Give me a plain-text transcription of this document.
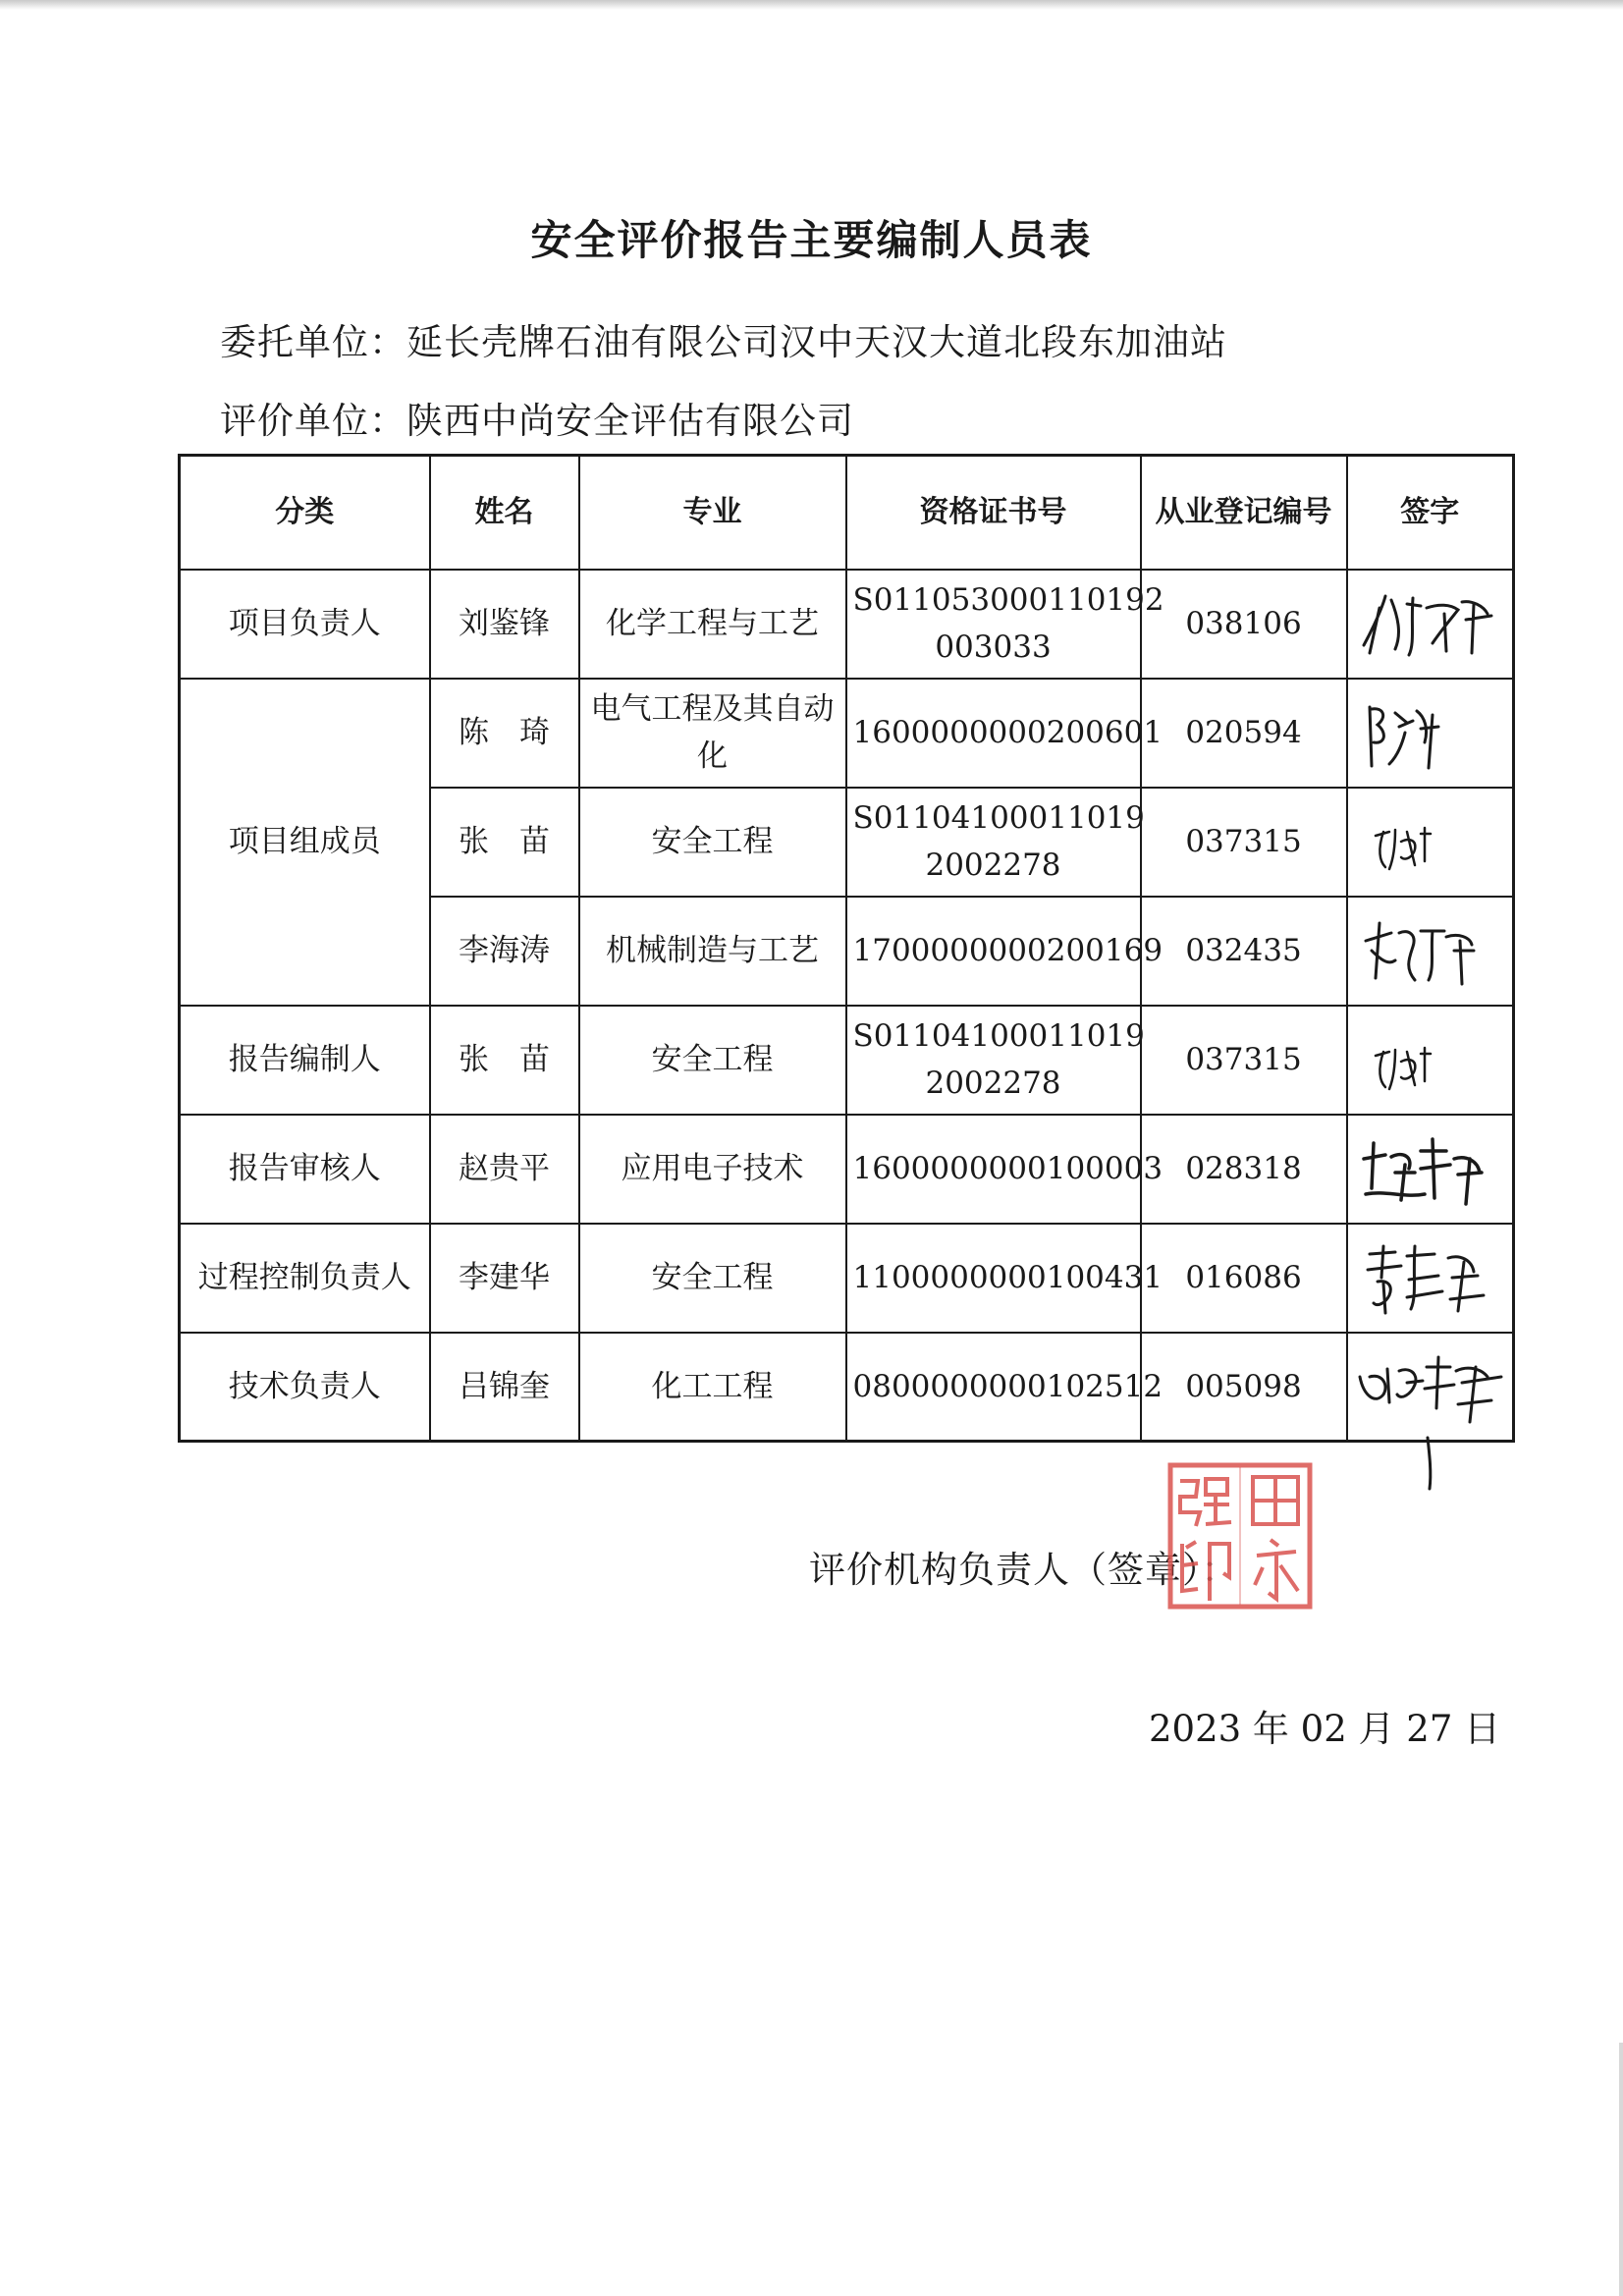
安全评价报告主要编制人员表
委托单位：延长壳牌石油有限公司汉中天汉大道北段东加油站
评价单位：陕西中尚安全评估有限公司
分类	姓名	专业	资格证书号	从业登记编号	签字
项目负责人	刘鉴锋	化学工程与工艺	S011053000110192 003033	038106	

项目组成员	陈　琦	电气工程及其自动化	1600000000200601	020594	

	张　苗	安全工程	S01104100011019 2002278	037315	

	李海涛	机械制造与工艺	1700000000200169	032435	

报告编制人	张　苗	安全工程	S01104100011019 2002278	037315	

报告审核人	赵贵平	应用电子技术	1600000000100003	028318	

过程控制负责人	李建华	安全工程	1100000000100431	016086	

技术负责人	吕锦奎	化工工程	0800000000102512	005098	
评价机构负责人（签章）：
2023 年 02 月 27 日
